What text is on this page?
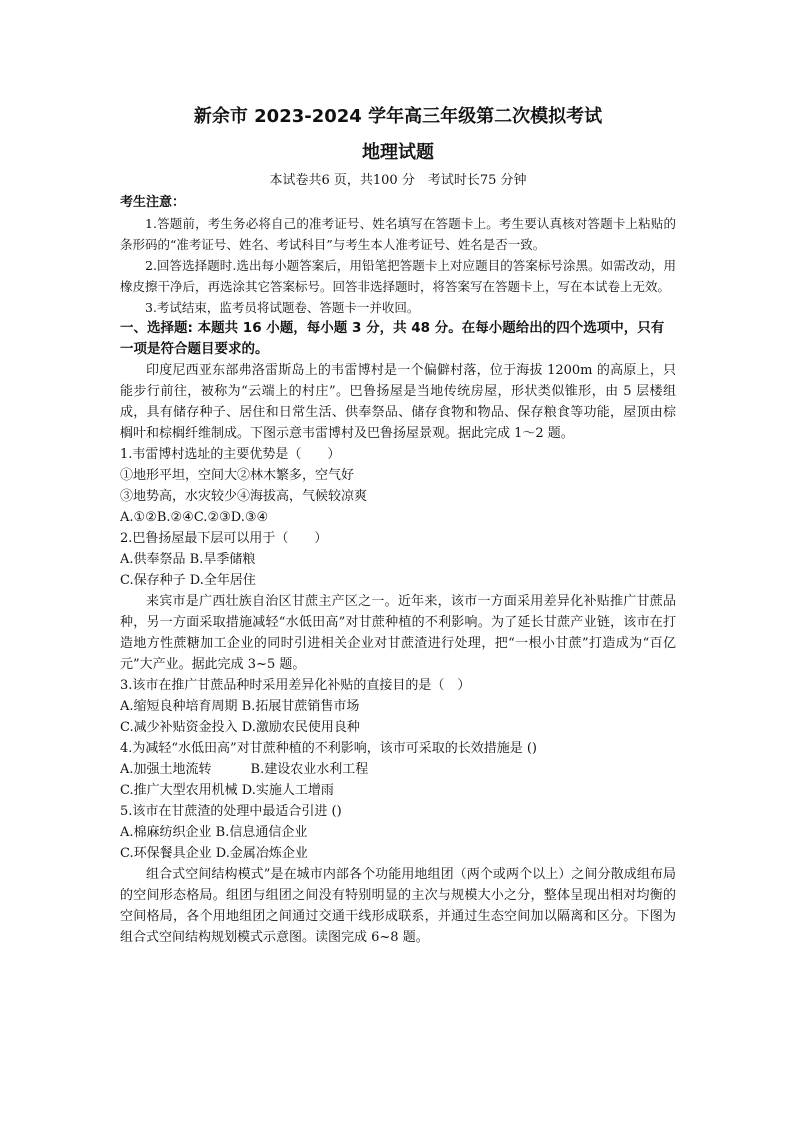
新余市 2023-2024 学年高三年级第二次模拟考试
地理试题

本试卷共6 页，共100 分　考试时长75 分钟

考生注意：

1.答题前，考生务必将自己的准考证号、姓名填写在答题卡上。考生要认真核对答题卡上粘贴的条形码的“准考证号、姓名、考试科目”与考生本人准考证号、姓名是否一致。

2.回答选择题时.选出每小题答案后，用铅笔把答题卡上对应题目的答案标号涂黑。如需改动，用橡皮擦干净后，再选涂其它答案标号。回答非选择题时，将答案写在答题卡上，写在本试卷上无效。

3.考试结束，监考员将试题卷、答题卡一并收回。

一、选择题: 本题共 16 小题，每小题 3 分，共 48 分。在每小题给出的四个选项中，只有一项是符合题目要求的。

印度尼西亚东部弗洛雷斯岛上的韦雷博村是一个偏僻村落，位于海拔 1200m 的高原上，只能步行前往，被称为“云端上的村庄”。巴鲁扬屋是当地传统房屋，形状类似锥形，由 5 层楼组成，具有储存种子、居住和日常生活、供奉祭品、储存食物和物品、保存粮食等功能，屋顶由棕榈叶和棕榈纤维制成。下图示意韦雷博村及巴鲁扬屋景观。据此完成 1～2 题。

1.韦雷博村选址的主要优势是（　　）

①地形平坦，空间大②林木繁多，空气好

③地势高，水灾较少④海拔高，气候较凉爽

A.①②B.②④C.②③D.③④

2.巴鲁扬屋最下层可以用于（　　）

A.供奉祭品 B.旱季储粮

C.保存种子 D.全年居住

来宾市是广西壮族自治区甘蔗主产区之一。近年来，该市一方面采用差异化补贴推广甘蔗品种，另一方面采取措施减轻“水低田高”对甘蔗种植的不利影响。为了延长甘蔗产业链，该市在打造地方性蔗糖加工企业的同时引进相关企业对甘蔗渣进行处理，把“一根小甘蔗”打造成为“百亿元”大产业。据此完成 3~5 题。

3.该市在推广甘蔗品种时采用差异化补贴的直接目的是（　）

A.缩短良种培育周期 B.拓展甘蔗销售市场

C.减少补贴资金投入 D.激励农民使用良种

4.为减轻“水低田高”对甘蔗种植的不利影响，该市可采取的长效措施是 ()

A.加强土地流转　　　B.建设农业水利工程

C.推广大型农用机械 D.实施人工增雨

5.该市在甘蔗渣的处理中最适合引进 ()

A.棉麻纺织企业 B.信息通信企业

C.环保餐具企业 D.金属冶炼企业

组合式空间结构模式”是在城市内部各个功能用地组团（两个或两个以上）之间分散成组布局的空间形态格局。组团与组团之间没有特别明显的主次与规模大小之分，整体呈现出相对均衡的空间格局，各个用地组团之间通过交通干线形成联系，并通过生态空间加以隔离和区分。下图为组合式空间结构规划模式示意图。读图完成 6~8 题。
